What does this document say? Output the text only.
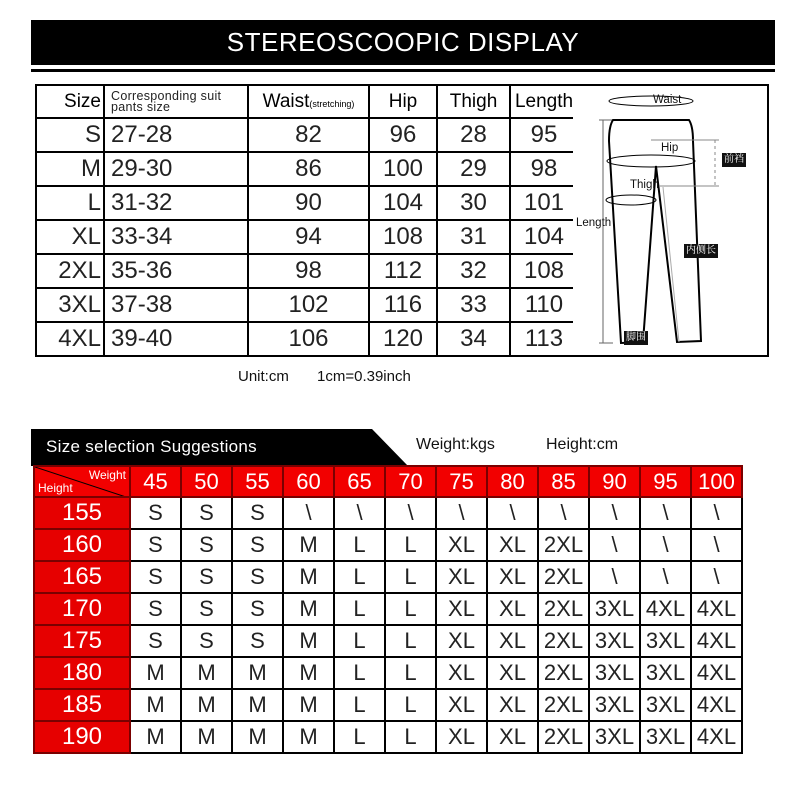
STEREOSCOOPIC DISPLAY
Size	Corresponding suit
pants size	Waist(stretching)	Hip	Thigh	Length
S	27-28	82	96	28	95
M	29-30	86	100	29	98
L	31-32	90	104	30	101
XL	33-34	94	108	31	104
2XL	35-36	98	112	32	108
3XL	37-38	102	116	33	110
4XL	39-40	106	120	34	113
Waist
Hip
Thigh
Length
前裆
内侧长
脚围
Unit:cm 1cm=0.39inch
Size selection Suggestions	Weight:kgs	Height:cm
Weight
Height	45	50	55	60	65	70	75	80	85	90	95	100
155	S	S	S	\	\	\	\	\	\	\	\	\
160	S	S	S	M	L	L	XL	XL	2XL	\	\	\
165	S	S	S	M	L	L	XL	XL	2XL	\	\	\
170	S	S	S	M	L	L	XL	XL	2XL	3XL	4XL	4XL
175	S	S	S	M	L	L	XL	XL	2XL	3XL	3XL	4XL
180	M	M	M	M	L	L	XL	XL	2XL	3XL	3XL	4XL
185	M	M	M	M	L	L	XL	XL	2XL	3XL	3XL	4XL
190	M	M	M	M	L	L	XL	XL	2XL	3XL	3XL	4XL
